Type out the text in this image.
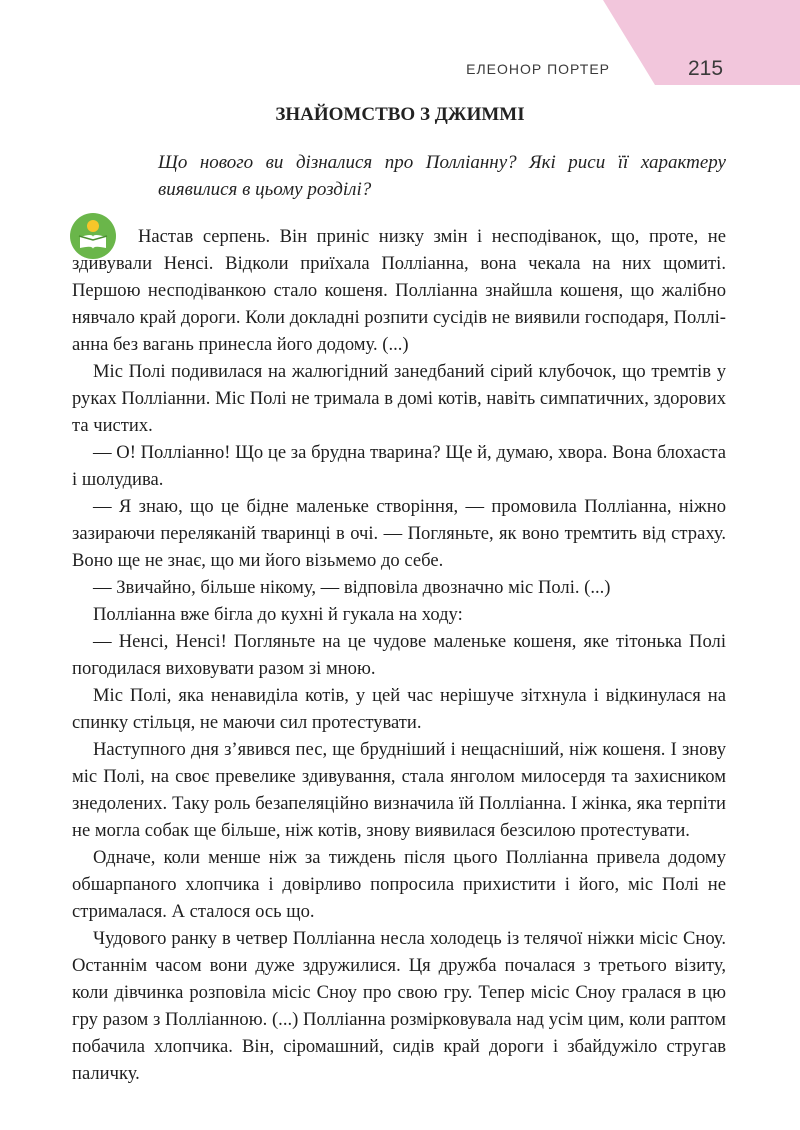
ЕЛЕОНОР ПОРТЕР	215
ЗНАЙОМСТВО З ДЖИММІ
Що нового ви дізналися про Полліанну? Які риси її характеру виявилися в цьому розділі?

Настав серпень. Він приніс низку змін і несподіванок, що, проте, не здивували Ненсі. Відколи приїхала Полліанна, вона чекала на них щомиті. Першою несподіванкою стало кошеня. Полліанна знайшла кошеня, що жалібно нявчало край дороги. Коли докладні розпити сусідів не виявили господаря, Полліанна без вагань принесла його додому. (...)

Міс Полі подивилася на жалюгідний занедбаний сірий клубочок, що тремтів у руках Полліанни. Міс Полі не тримала в домі котів, навіть симпатичних, здорових та чистих.

— О! Полліанно! Що це за брудна тварина? Ще й, думаю, хвора. Вона блохаста і шолудива.

— Я знаю, що це бідне маленьке створіння, — промовила Полліанна, ніжно зазираючи переляканій тваринці в очі. — Погляньте, як воно тремтить від страху. Воно ще не знає, що ми його візьмемо до себе.

— Звичайно, більше нікому, — відповіла двозначно міс Полі. (...)

Полліанна вже бігла до кухні й гукала на ходу:

— Ненсі, Ненсі! Погляньте на це чудове маленьке кошеня, яке тітонька Полі погодилася виховувати разом зі мною.

Міс Полі, яка ненавиділа котів, у цей час нерішуче зітхнула і відкинулася на спинку стільця, не маючи сил протестувати.

Наступного дня з’явився пес, ще брудніший і нещасніший, ніж кошеня. І знову міс Полі, на своє превелике здивування, стала янголом милосердя та захисником знедолених. Таку роль безапеляційно визначила їй Полліанна. І жінка, яка терпіти не могла собак ще більше, ніж котів, знову виявилася безсилою протестувати.

Одначе, коли менше ніж за тиждень після цього Полліанна привела додому обшарпаного хлопчика і довірливо попросила прихистити і його, міс Полі не стрималася. А сталося ось що.

Чудового ранку в четвер Полліанна несла холодець із телячої ніжки місіс Сноу. Останнім часом вони дуже здружилися. Ця дружба почалася з третього візиту, коли дівчинка розповіла місіс Сноу про свою гру. Тепер місіс Сноу гралася в цю гру разом з Полліанною. (...) Полліанна розмірковувала над усім цим, коли раптом побачила хлопчика. Він, сіромашний, сидів край дороги і збайдужіло стругав паличку.
